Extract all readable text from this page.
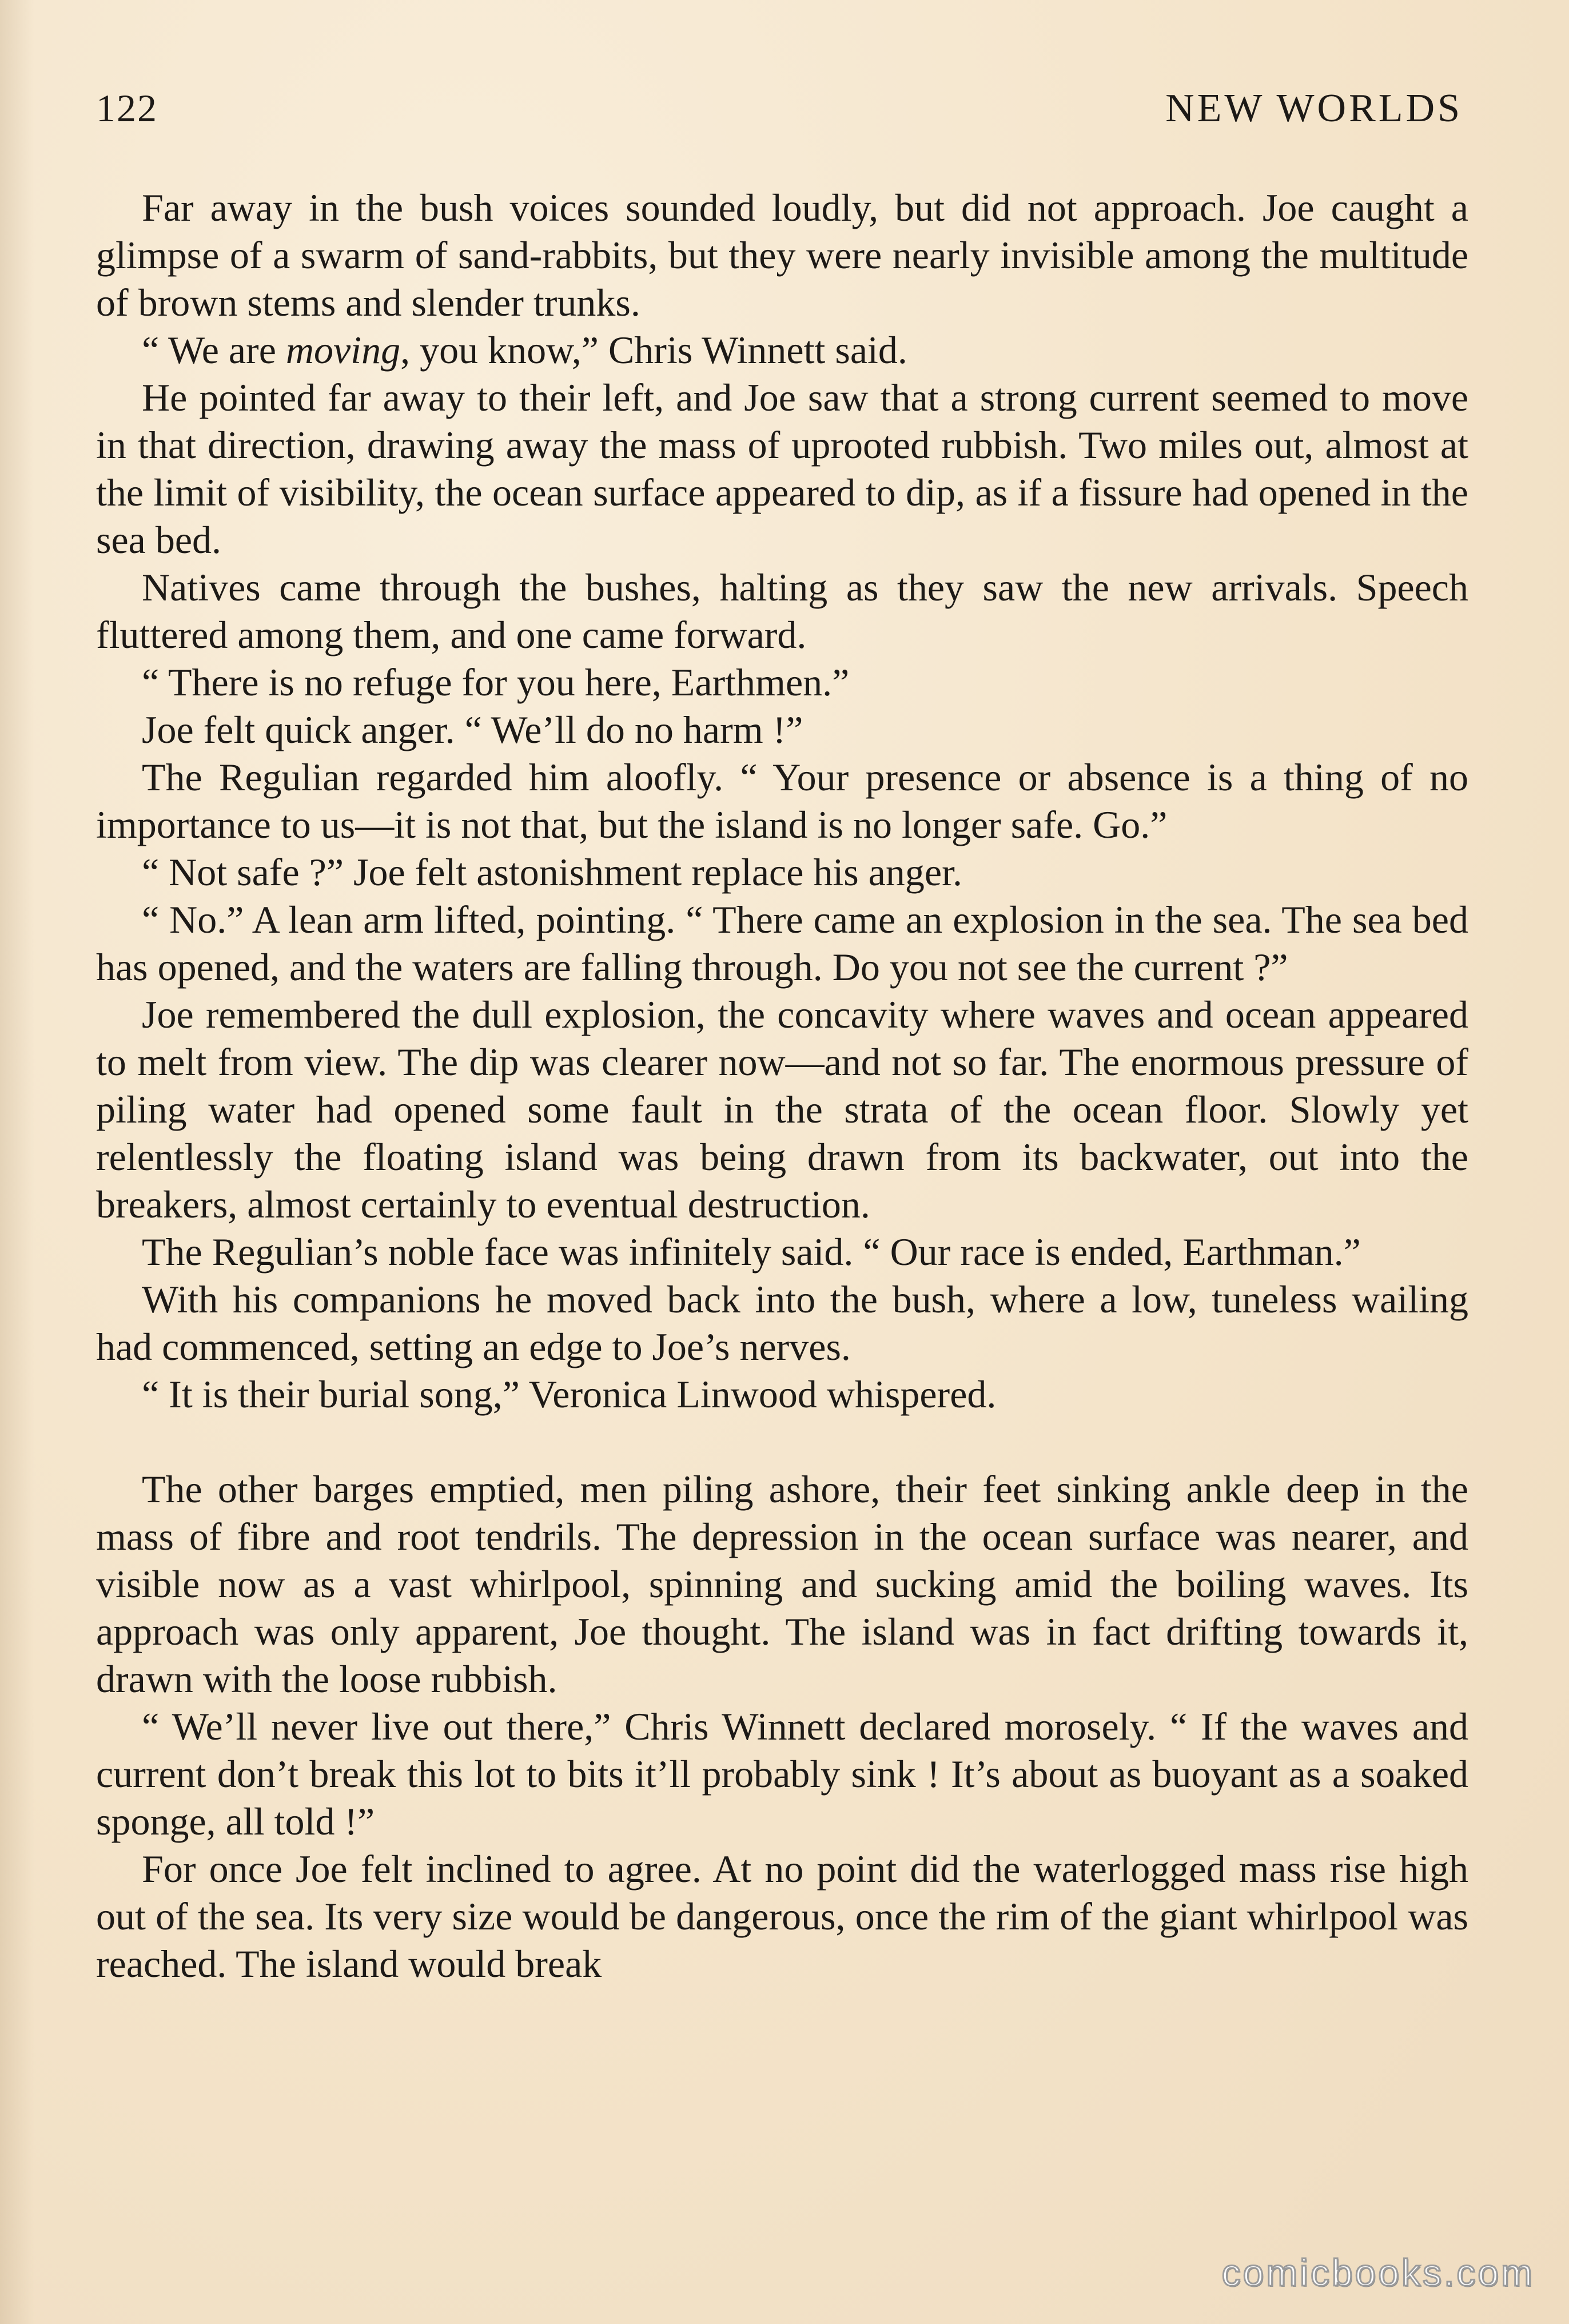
122	NEW WORLDS

Far away in the bush voices sounded loudly, but did not approach. Joe caught a glimpse of a swarm of sand-rabbits, but they were nearly invisible among the multitude of brown stems and slender trunks.

“ We are moving, you know,” Chris Winnett said.

He pointed far away to their left, and Joe saw that a strong current seemed to move in that direction, drawing away the mass of uprooted rubbish. Two miles out, almost at the limit of visibility, the ocean surface appeared to dip, as if a fissure had opened in the sea bed.

Natives came through the bushes, halting as they saw the new arrivals. Speech fluttered among them, and one came forward.

“ There is no refuge for you here, Earthmen.”

Joe felt quick anger. “ We’ll do no harm !”

The Regulian regarded him aloofly. “ Your presence or absence is a thing of no importance to us—it is not that, but the island is no longer safe. Go.”

“ Not safe ?” Joe felt astonishment replace his anger.

“ No.” A lean arm lifted, pointing. “ There came an explosion in the sea. The sea bed has opened, and the waters are falling through. Do you not see the current ?”

Joe remembered the dull explosion, the concavity where waves and ocean appeared to melt from view. The dip was clearer now—and not so far. The enormous pressure of piling water had opened some fault in the strata of the ocean floor. Slowly yet relentlessly the floating island was being drawn from its backwater, out into the breakers, almost certainly to eventual destruction.

The Regulian’s noble face was infinitely said. “ Our race is ended, Earthman.”

With his companions he moved back into the bush, where a low, tuneless wailing had commenced, setting an edge to Joe’s nerves.

“ It is their burial song,” Veronica Linwood whispered.

The other barges emptied, men piling ashore, their feet sinking ankle deep in the mass of fibre and root tendrils. The depression in the ocean surface was nearer, and visible now as a vast whirlpool, spinning and sucking amid the boiling waves. Its approach was only apparent, Joe thought. The island was in fact drifting towards it, drawn with the loose rubbish.

“ We’ll never live out there,” Chris Winnett declared morosely. “ If the waves and current don’t break this lot to bits it’ll probably sink ! It’s about as buoyant as a soaked sponge, all told !”

For once Joe felt inclined to agree. At no point did the waterlogged mass rise high out of the sea. Its very size would be dangerous, once the rim of the giant whirlpool was reached. The island would break

comicbooks.com
